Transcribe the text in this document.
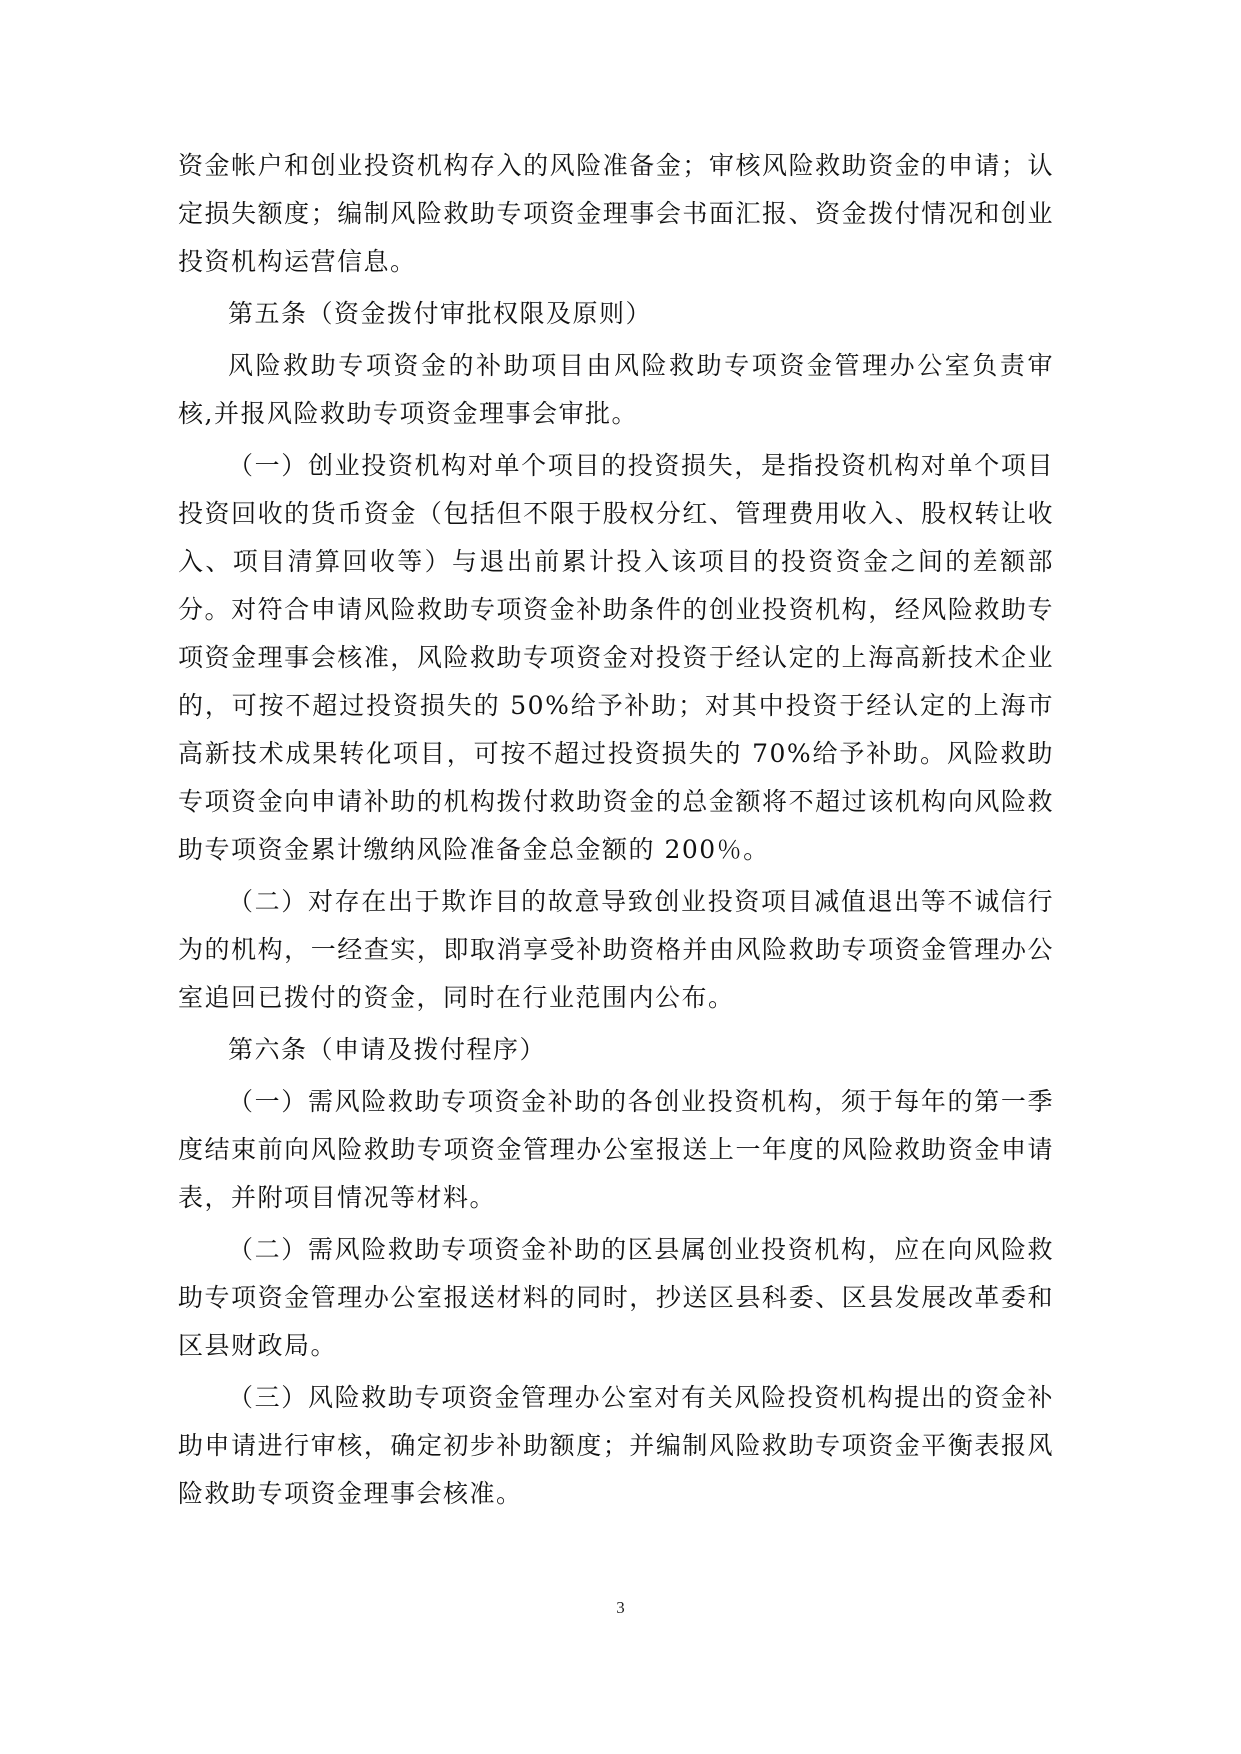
资金帐户和创业投资机构存入的风险准备金；审核风险救助资金的申请；认定损失额度；编制风险救助专项资金理事会书面汇报、资金拨付情况和创业投资机构运营信息。

第五条（资金拨付审批权限及原则）

风险救助专项资金的补助项目由风险救助专项资金管理办公室负责审核,并报风险救助专项资金理事会审批。

（一）创业投资机构对单个项目的投资损失，是指投资机构对单个项目投资回收的货币资金（包括但不限于股权分红、管理费用收入、股权转让收入、项目清算回收等）与退出前累计投入该项目的投资资金之间的差额部分。对符合申请风险救助专项资金补助条件的创业投资机构，经风险救助专项资金理事会核准，风险救助专项资金对投资于经认定的上海高新技术企业的，可按不超过投资损失的 50%给予补助；对其中投资于经认定的上海市高新技术成果转化项目，可按不超过投资损失的 70%给予补助。风险救助专项资金向申请补助的机构拨付救助资金的总金额将不超过该机构向风险救助专项资金累计缴纳风险准备金总金额的 200％。

（二）对存在出于欺诈目的故意导致创业投资项目减值退出等不诚信行为的机构，一经查实，即取消享受补助资格并由风险救助专项资金管理办公室追回已拨付的资金，同时在行业范围内公布。

第六条（申请及拨付程序）

（一）需风险救助专项资金补助的各创业投资机构，须于每年的第一季度结束前向风险救助专项资金管理办公室报送上一年度的风险救助资金申请表，并附项目情况等材料。

（二）需风险救助专项资金补助的区县属创业投资机构，应在向风险救助专项资金管理办公室报送材料的同时，抄送区县科委、区县发展改革委和区县财政局。

（三）风险救助专项资金管理办公室对有关风险投资机构提出的资金补助申请进行审核，确定初步补助额度；并编制风险救助专项资金平衡表报风险救助专项资金理事会核准。

3
